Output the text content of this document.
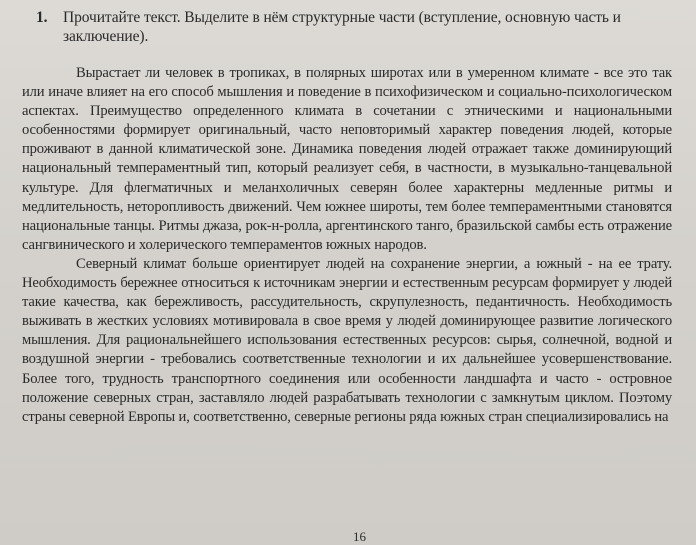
1. Прочитайте текст. Выделите в нём структурные части (вступление, основную часть и заключение).

Вырастает ли человек в тропиках, в полярных широтах или в умеренном климате - все это так или иначе влияет на его способ мышления и поведение в психофизическом и социально-психологическом аспектах. Преимущество определенного климата в сочетании с этническими и национальными особенностями формирует оригинальный, часто неповторимый характер поведения людей, которые проживают в данной климатической зоне. Динамика поведения людей отражает также доминирующий национальный темпераментный тип, который реализует себя, в частности, в музыкально-танцевальной культуре. Для флегматичных и меланхоличных северян более характерны медленные ритмы и медлительность, неторопливость движений. Чем южнее широты, тем более темпераментными становятся национальные танцы. Ритмы джаза, рок-н-ролла, аргентинского танго, бразильской самбы есть отражение сангвинического и холерического темпераментов южных народов.

Северный климат больше ориентирует людей на сохранение энергии, а южный - на ее трату. Необходимость бережнее относиться к источникам энергии и естественным ресурсам формирует у людей такие качества, как бережливость, рассудительность, скрупулезность, педантичность. Необходимость выживать в жестких условиях мотивировала в свое время у людей доминирующее развитие логического мышления. Для рациональнейшего использования естественных ресурсов: сырья, солнечной, водной и воздушной энергии - требовались соответственные технологии и их дальнейшее усовершенствование. Более того, трудность транспортного соединения или особенности ландшафта и часто - островное положение северных стран, заставляло людей разрабатывать технологии с замкнутым циклом. Поэтому страны северной Европы и, соответственно, северные регионы ряда южных стран специализировались на

16
